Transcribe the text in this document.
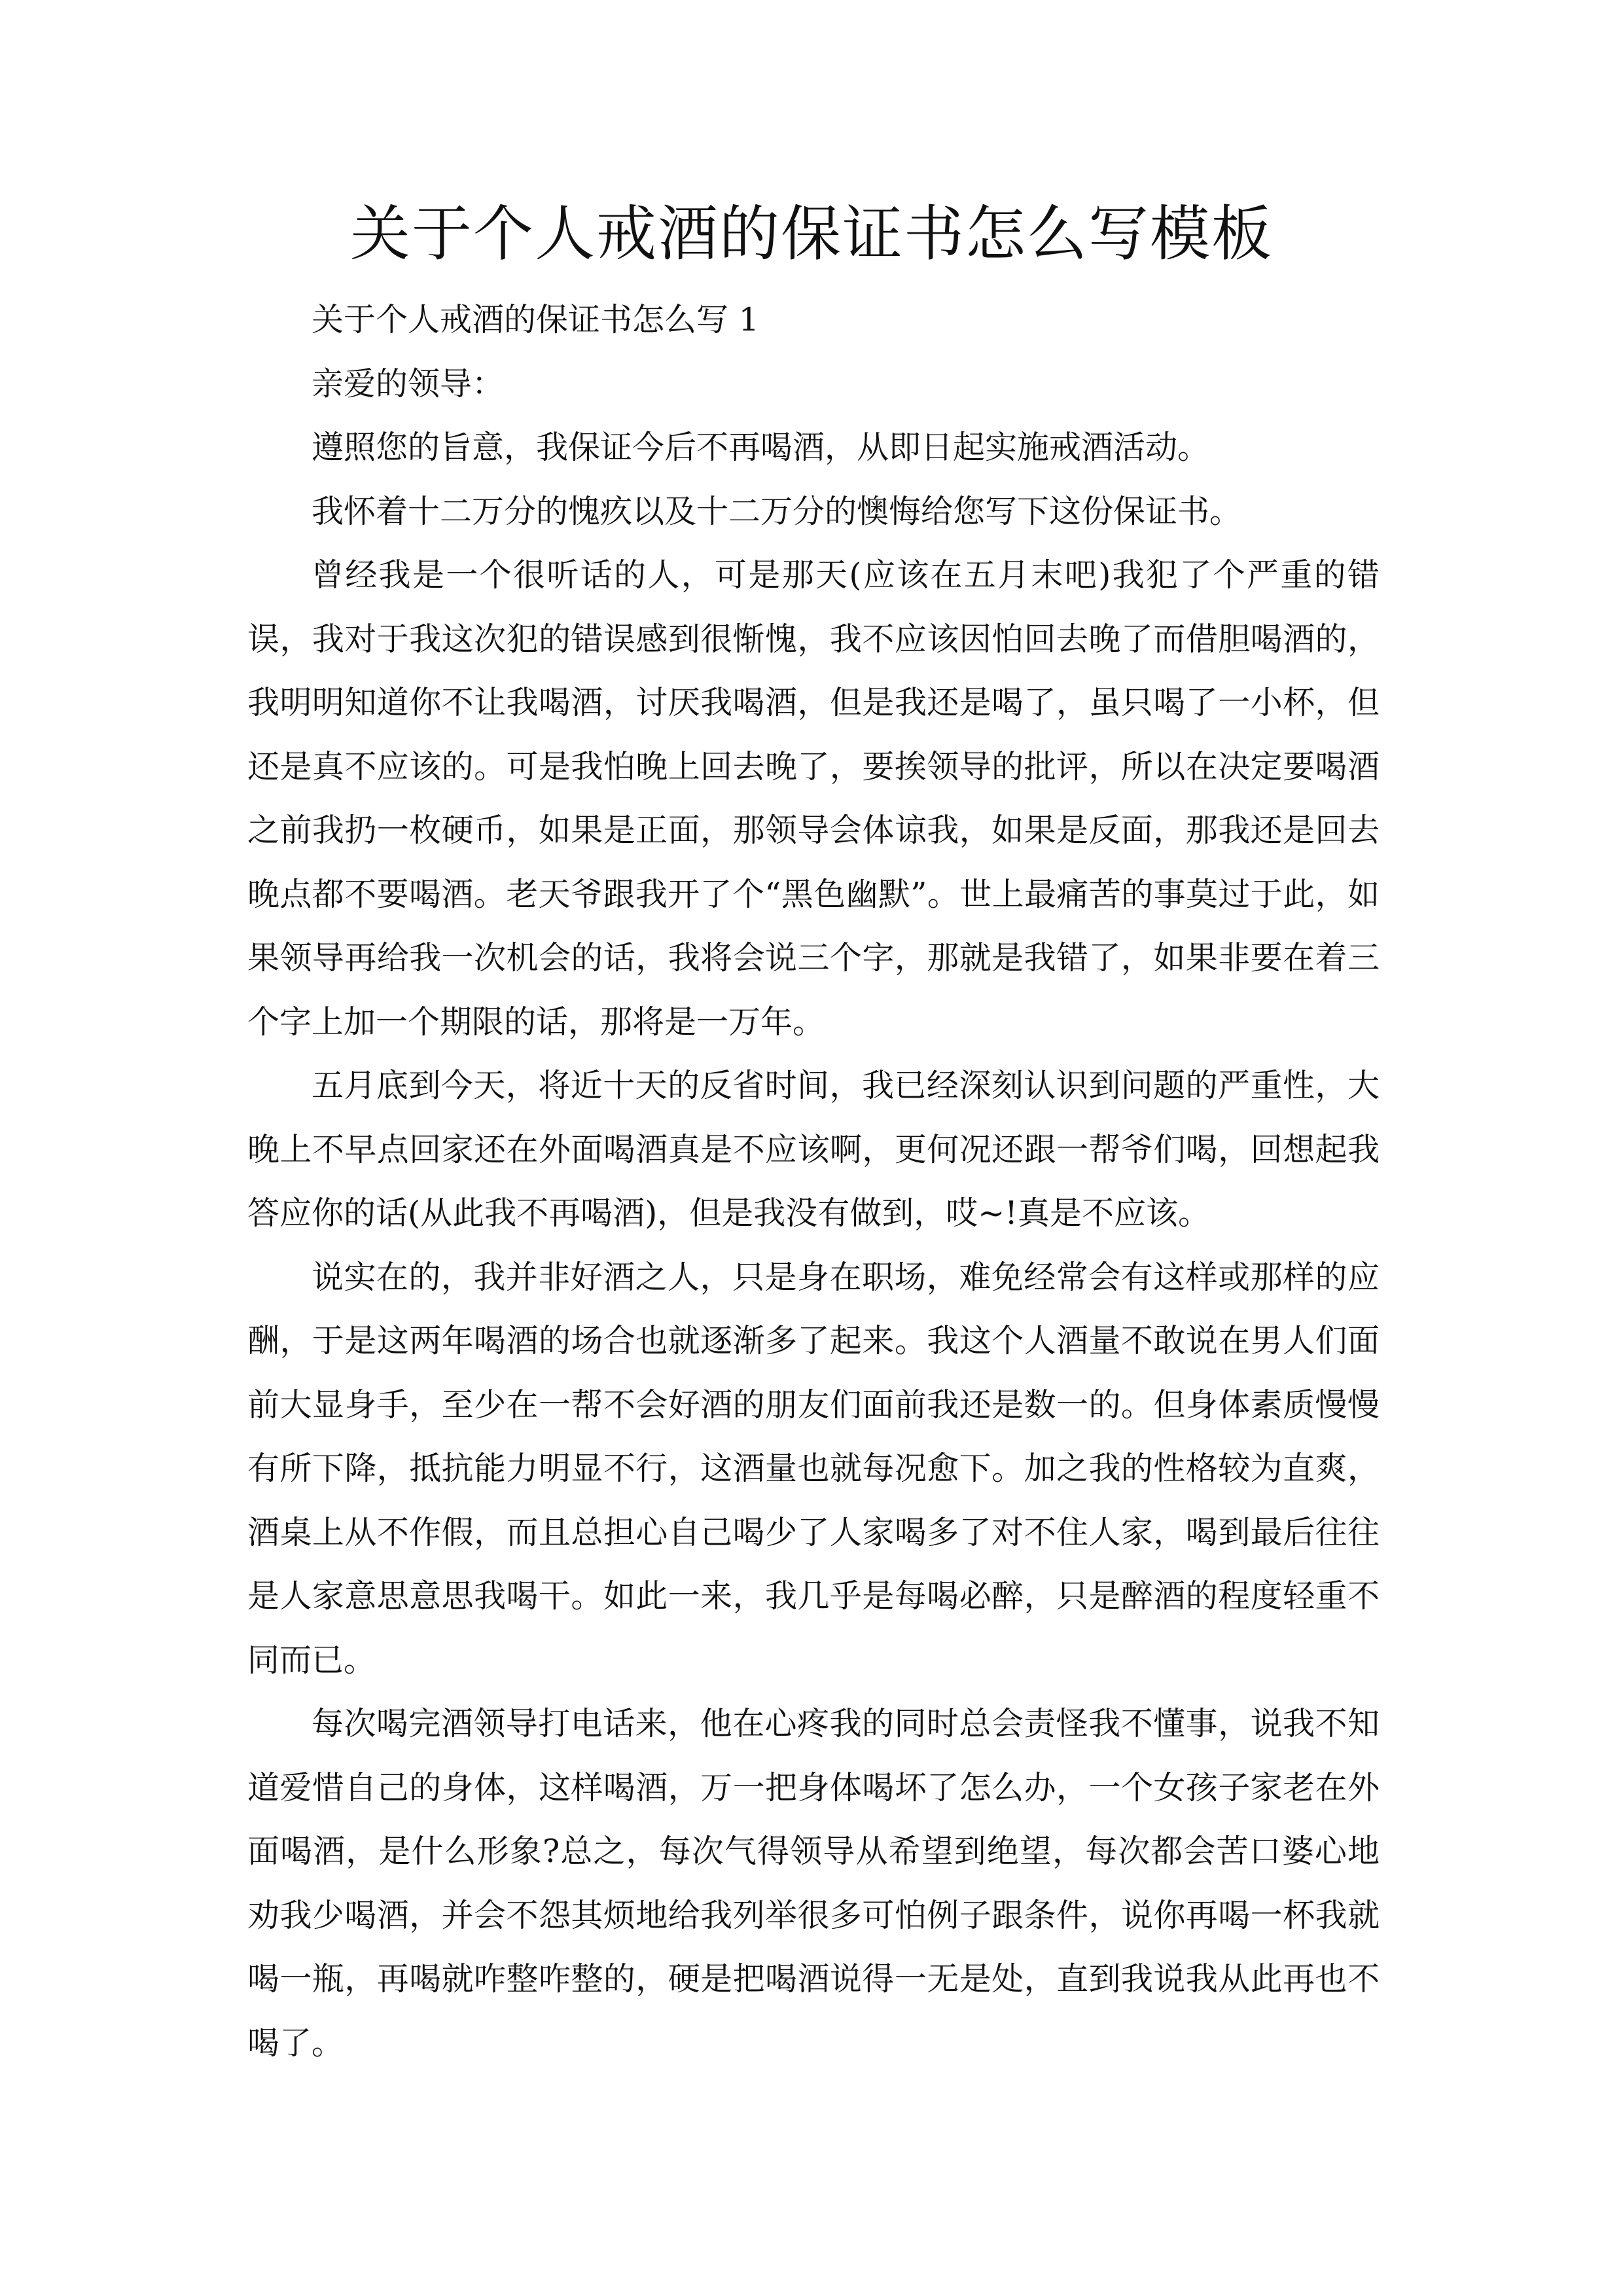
关于个人戒酒的保证书怎么写模板

关于个人戒酒的保证书怎么写 1

亲爱的领导：

遵照您的旨意，我保证今后不再喝酒，从即日起实施戒酒活动。

我怀着十二万分的愧疚以及十二万分的懊悔给您写下这份保证书。

曾经我是一个很听话的人，可是那天(应该在五月末吧)我犯了个严重的错误，我对于我这次犯的错误感到很惭愧，我不应该因怕回去晚了而借胆喝酒的，我明明知道你不让我喝酒，讨厌我喝酒，但是我还是喝了，虽只喝了一小杯，但还是真不应该的。可是我怕晚上回去晚了，要挨领导的批评，所以在决定要喝酒之前我扔一枚硬币，如果是正面，那领导会体谅我，如果是反面，那我还是回去晚点都不要喝酒。老天爷跟我开了个“黑色幽默”。世上最痛苦的事莫过于此，如果领导再给我一次机会的话，我将会说三个字，那就是我错了，如果非要在着三个字上加一个期限的话，那将是一万年。

五月底到今天，将近十天的反省时间，我已经深刻认识到问题的严重性，大晚上不早点回家还在外面喝酒真是不应该啊，更何况还跟一帮爷们喝，回想起我答应你的话(从此我不再喝酒)，但是我没有做到，哎~!真是不应该。

说实在的，我并非好酒之人，只是身在职场，难免经常会有这样或那样的应酬，于是这两年喝酒的场合也就逐渐多了起来。我这个人酒量不敢说在男人们面前大显身手，至少在一帮不会好酒的朋友们面前我还是数一的。但身体素质慢慢有所下降，抵抗能力明显不行，这酒量也就每况愈下。加之我的性格较为直爽，酒桌上从不作假，而且总担心自己喝少了人家喝多了对不住人家，喝到最后往往是人家意思意思我喝干。如此一来，我几乎是每喝必醉，只是醉酒的程度轻重不同而已。

每次喝完酒领导打电话来，他在心疼我的同时总会责怪我不懂事，说我不知道爱惜自己的身体，这样喝酒，万一把身体喝坏了怎么办，一个女孩子家老在外面喝酒，是什么形象?总之，每次气得领导从希望到绝望，每次都会苦口婆心地劝我少喝酒，并会不怨其烦地给我列举很多可怕例子跟条件，说你再喝一杯我就喝一瓶，再喝就咋整咋整的，硬是把喝酒说得一无是处，直到我说我从此再也不喝了。
